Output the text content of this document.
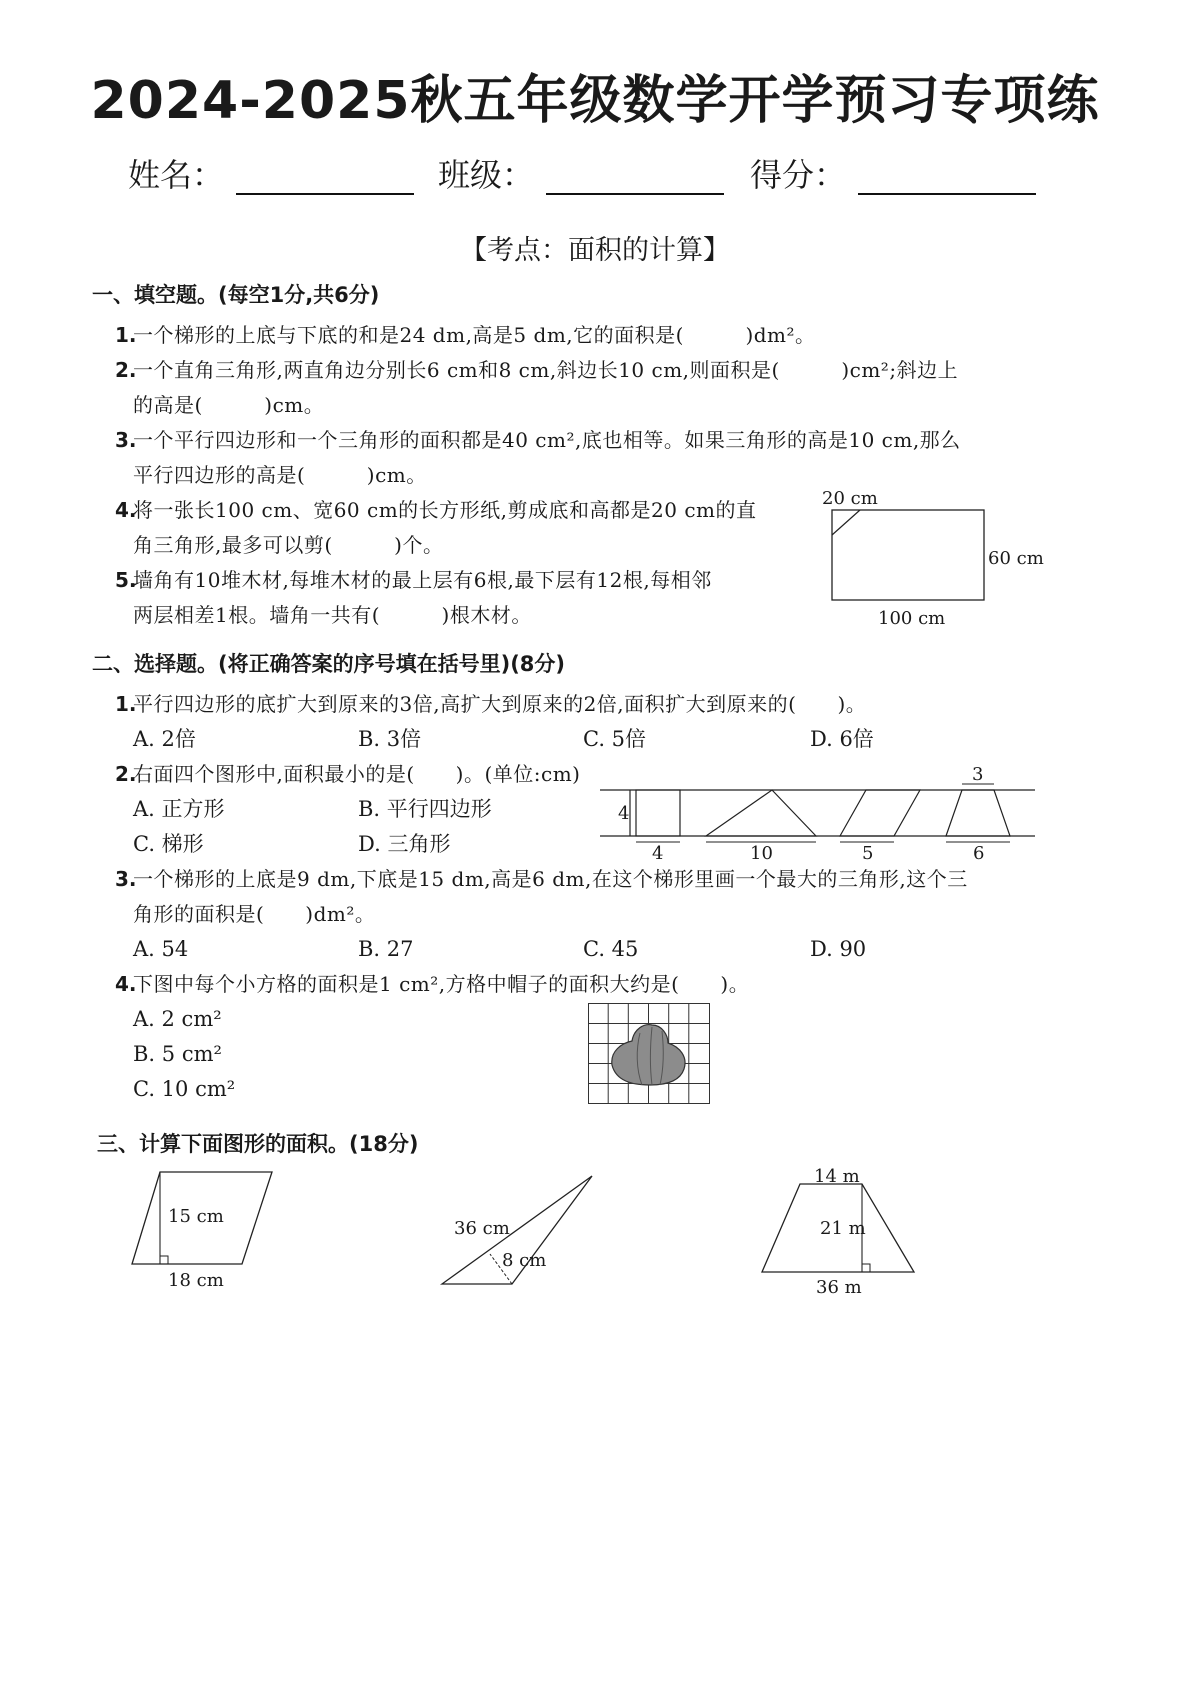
2024-2025秋五年级数学开学预习专项练
姓名：	班级：	得分：
【考点：面积的计算】
一、填空题。(每空1分,共6分)
1.
一个梯形的上底与下底的和是24 dm,高是5 dm,它的面积是(　　　)dm²。
2.
一个直角三角形,两直角边分别长6 cm和8 cm,斜边长10 cm,则面积是(　　　)cm²;斜边上
的高是(　　　)cm。
3.
一个平行四边形和一个三角形的面积都是40 cm²,底也相等。如果三角形的高是10 cm,那么
平行四边形的高是(　　　)cm。
4.
将一张长100 cm、宽60 cm的长方形纸,剪成底和高都是20 cm的直
角三角形,最多可以剪(　　　)个。
5.
墙角有10堆木材,每堆木材的最上层有6根,最下层有12根,每相邻
两层相差1根。墙角一共有(　　　)根木材。
20 cm
60 cm
100 cm
二、选择题。(将正确答案的序号填在括号里)(8分)
1.
平行四边形的底扩大到原来的3倍,高扩大到原来的2倍,面积扩大到原来的(　　)。
A. 2倍	B. 3倍	C. 5倍	D. 6倍
2.
右面四个图形中,面积最小的是(　　)。(单位:cm)
A. 正方形	B. 平行四边形
C. 梯形	D. 三角形
4
4	10	5
3
6
3.
一个梯形的上底是9 dm,下底是15 dm,高是6 dm,在这个梯形里画一个最大的三角形,这个三
角形的面积是(　　)dm²。
A. 54	B. 27	C. 45	D. 90
4.
下图中每个小方格的面积是1 cm²,方格中帽子的面积大约是(　　)。
A. 2 cm²
B. 5 cm²
C. 10 cm²
三、计算下面图形的面积。(18分)
15 cm
18 cm
36 cm
8 cm
14 m
21 m
36 m
